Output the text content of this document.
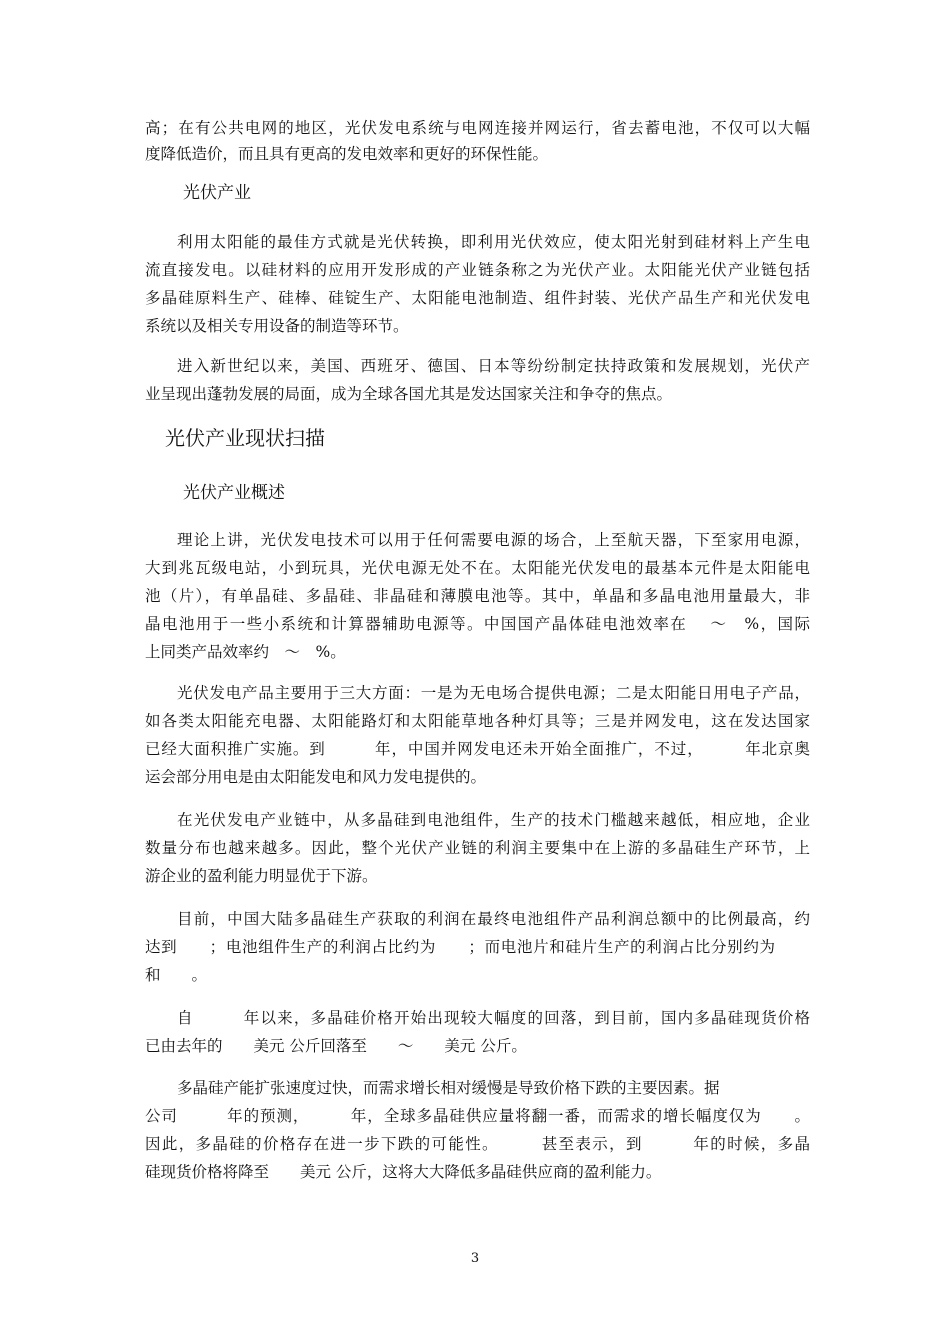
高；在有公共电网的地区，光伏发电系统与电网连接并网运行，省去蓄电池，不仅可以大幅
度降低造价，而且具有更高的发电效率和更好的环保性能。
光伏产业
利用太阳能的最佳方式就是光伏转换，即利用光伏效应，使太阳光射到硅材料上产生电
流直接发电。以硅材料的应用开发形成的产业链条称之为光伏产业。太阳能光伏产业链包括
多晶硅原料生产、硅棒、硅锭生产、太阳能电池制造、组件封装、光伏产品生产和光伏发电
系统以及相关专用设备的制造等环节。
进入新世纪以来，美国、西班牙、德国、日本等纷纷制定扶持政策和发展规划，光伏产
业呈现出蓬勃发展的局面，成为全球各国尤其是发达国家关注和争夺的焦点。
光伏产业现状扫描
光伏产业概述
理论上讲，光伏发电技术可以用于任何需要电源的场合，上至航天器，下至家用电源，
大到兆瓦级电站，小到玩具，光伏电源无处不在。太阳能光伏发电的最基本元件是太阳能电
池（片），有单晶硅、多晶硅、非晶硅和薄膜电池等。其中，单晶和多晶电池用量最大，非
晶电池用于一些小系统和计算器辅助电源等。中国国产晶体硅电池效率在　 ～　%，国际
上同类产品效率约　～　%。
光伏发电产品主要用于三大方面：一是为无电场合提供电源；二是太阳能日用电子产品，
如各类太阳能充电器、太阳能路灯和太阳能草地各种灯具等；三是并网发电，这在发达国家
已经大面积推广实施。到　　　年，中国并网发电还未开始全面推广，不过，　　　年北京奥
运会部分用电是由太阳能发电和风力发电提供的。
在光伏发电产业链中，从多晶硅到电池组件，生产的技术门槛越来越低，相应地，企业
数量分布也越来越多。因此，整个光伏产业链的利润主要集中在上游的多晶硅生产环节，上
游企业的盈利能力明显优于下游。
目前，中国大陆多晶硅生产获取的利润在最终电池组件产品利润总额中的比例最高，约
达到　　；电池组件生产的利润占比约为　　；而电池片和硅片生产的利润占比分别约为
和　　。
自　　　年以来，多晶硅价格开始出现较大幅度的回落，到目前，国内多晶硅现货价格
已由去年的　　美元 公斤回落至　　～　　美元 公斤。
多晶硅产能扩张速度过快，而需求增长相对缓慢是导致价格下跌的主要因素。据
公司　　　年的预测，　　　年，全球多晶硅供应量将翻一番，而需求的增长幅度仅为　　。
因此，多晶硅的价格存在进一步下跌的可能性。　　　甚至表示，到　　　年的时候，多晶
硅现货价格将降至　　美元 公斤，这将大大降低多晶硅供应商的盈利能力。
3
